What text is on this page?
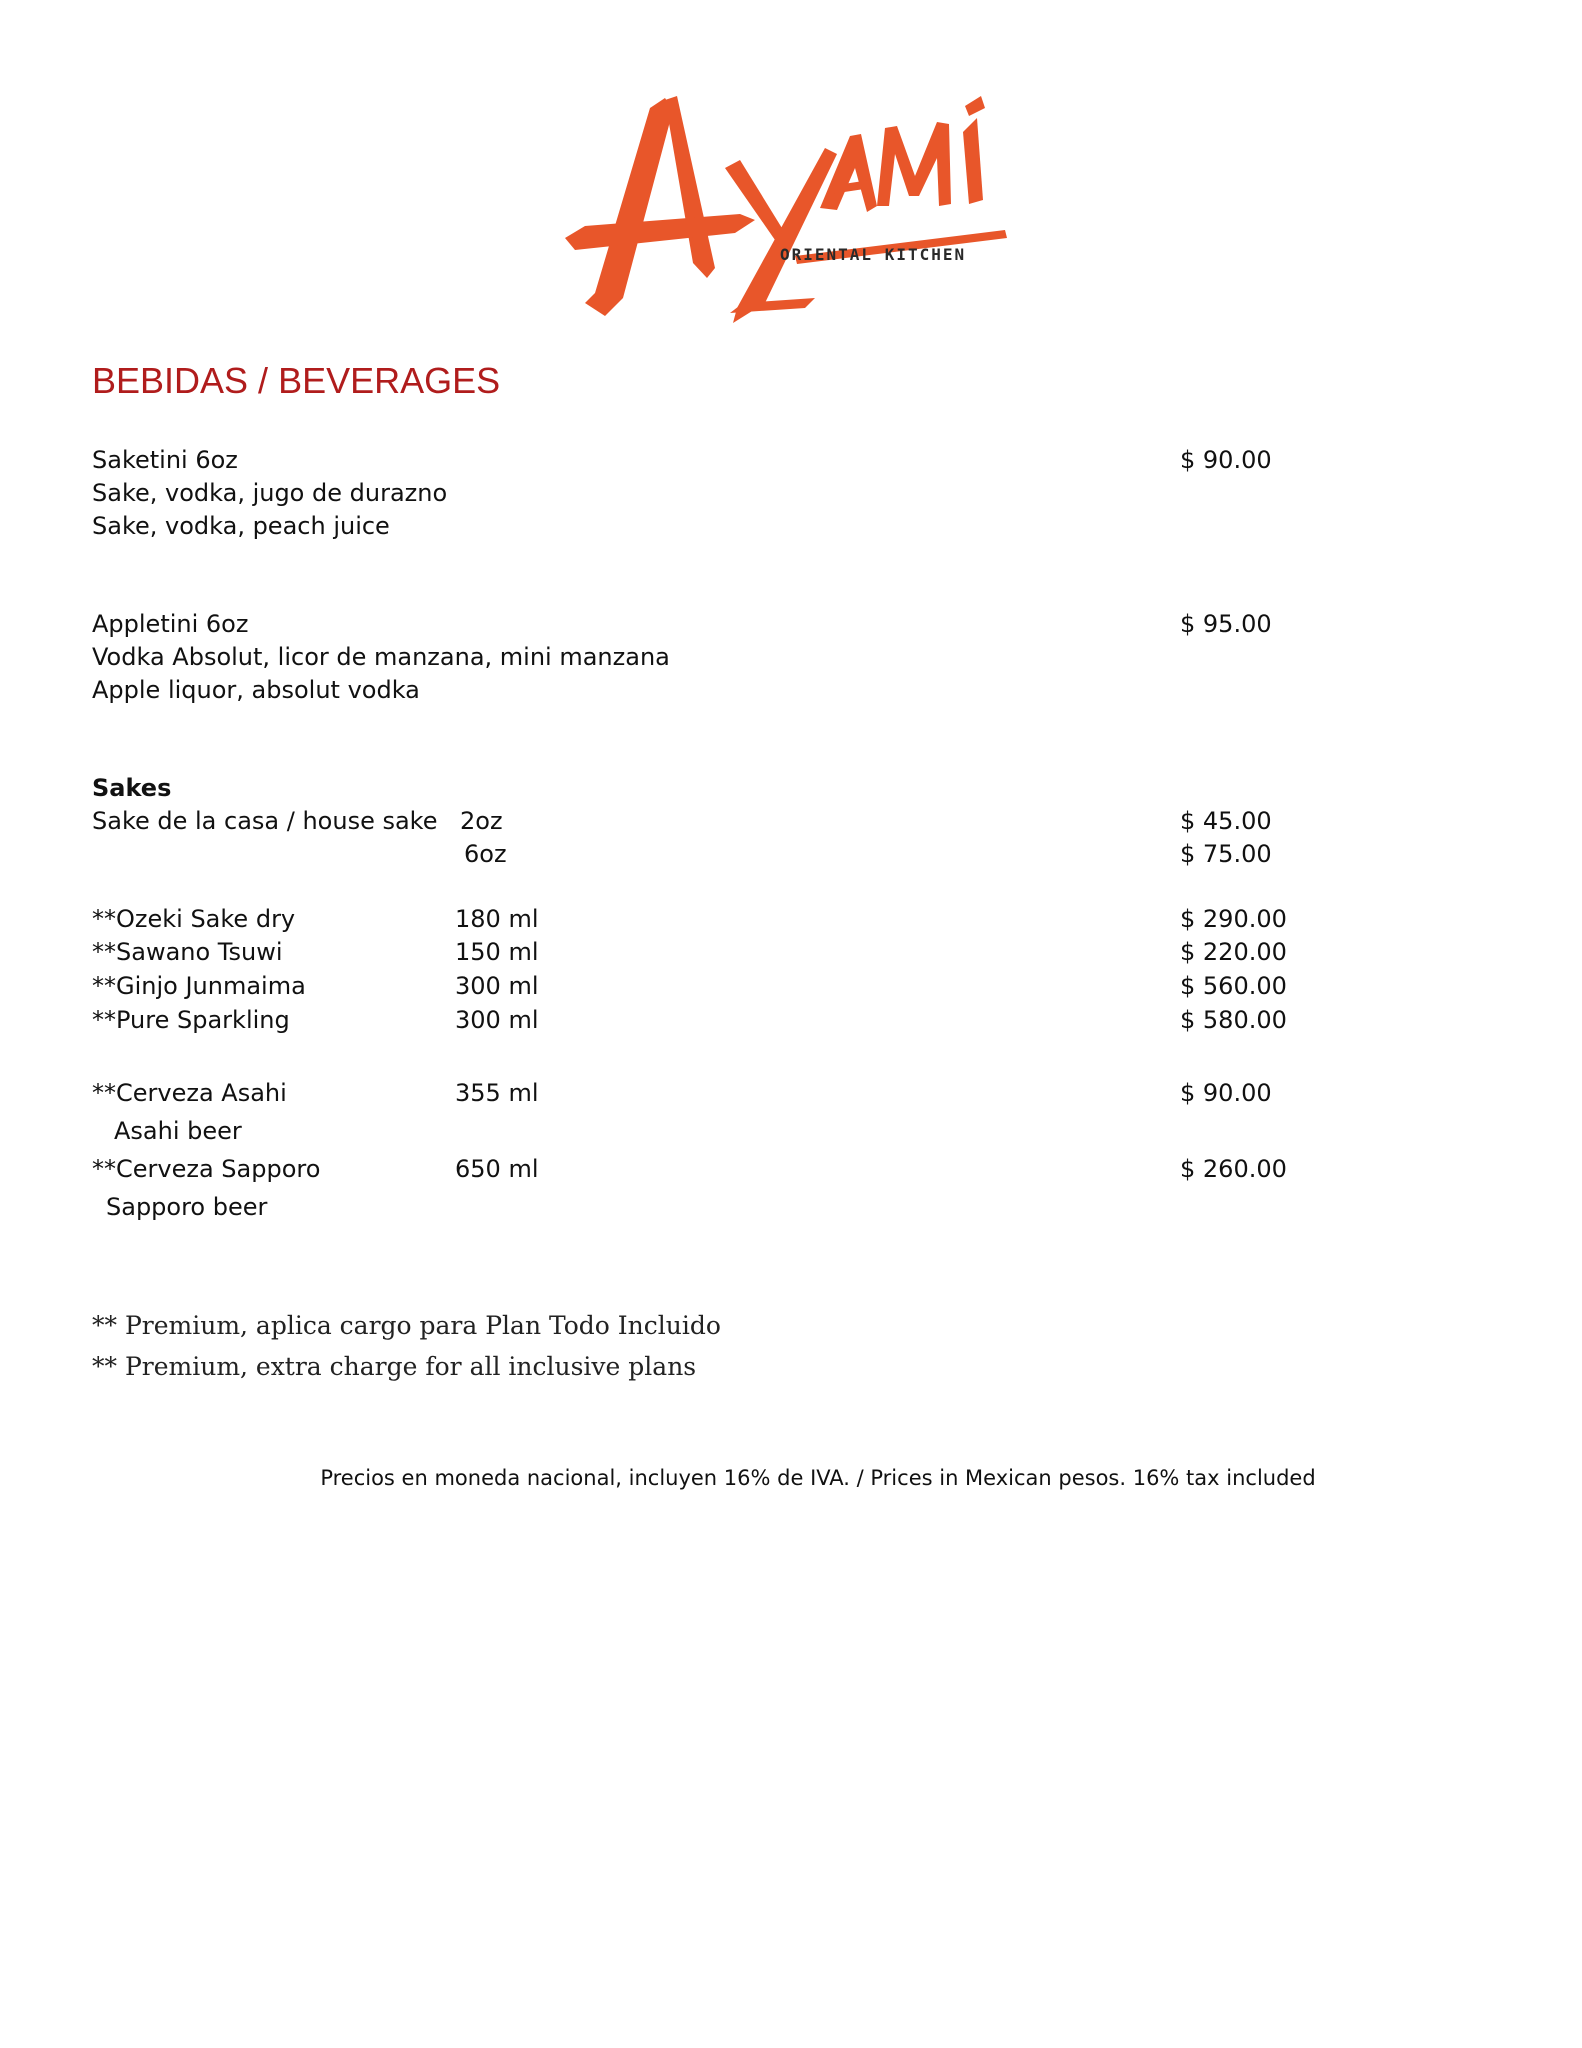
ORIENTAL KITCHEN
BEBIDAS / BEVERAGES
Saketini 6oz	$ 90.00
Sake, vodka, jugo de durazno
Sake, vodka, peach juice
Appletini 6oz	$ 95.00
Vodka Absolut, licor de manzana, mini manzana
Apple liquor, absolut vodka
Sakes
Sake de la casa / house sake 2oz	$ 45.00
6oz	$ 75.00
**Ozeki Sake dry	180 ml	$ 290.00
**Sawano Tsuwi	150 ml	$ 220.00
**Ginjo Junmaima	300 ml	$ 560.00
**Pure Sparkling	300 ml	$ 580.00
**Cerveza Asahi	355 ml	$ 90.00
Asahi beer
**Cerveza Sapporo	650 ml	$ 260.00
Sapporo beer
** Premium, aplica cargo para Plan Todo Incluido
** Premium, extra charge for all inclusive plans
Precios en moneda nacional, incluyen 16% de IVA. / Prices in Mexican pesos. 16% tax included
